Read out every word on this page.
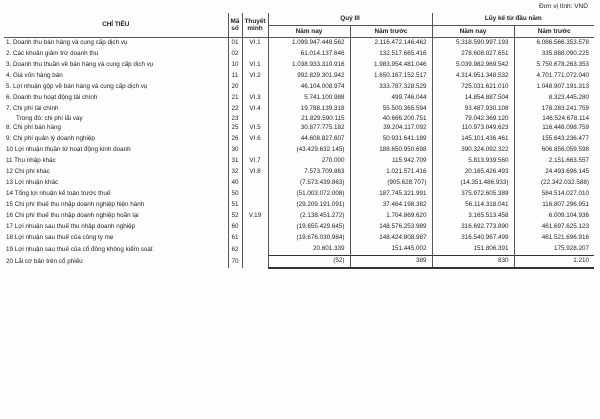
Đơn vị tính: VND
CHỈ TIÊU	Mã số	Thuyết minh	Quý III		Lũy kế từ đầu năm	
			Năm nay	Năm trước	Năm nay	Năm trước
1. Doanh thu bán hàng và cung cấp dịch vụ	01	VI.1	1.099.947.448.562	2.116.472.146.462	5.318.590.997.193	6.086.566.353.578
2. Các khoản giảm trừ doanh thu	02		61.014.137.646	132.517.665.416	278.608.027.651	335.888.090.225
3. Doanh thu thuần về bán hàng và cung cấp dịch vụ	10	VI.1	1.038.933.310.916	1.983.954.481.046	5.039.982.969.542	5.750.678.263.353
4. Giá vốn hàng bán	11	VI.2	992.829.301.942	1.650.167.152.517	4.314.951.348.532	4.701.771.072.040
5. Lợi nhuận gộp về bán hàng và cung cấp dịch vụ	20		46.104.008.974	333.787.328.529	725.031.621.010	1.048.907.191.313
6. Doanh thu hoạt động tài chính	21	VI.3	5.741.100.988	499.746.044	14.854.887.504	8.323.445.280
7. Chi phí tài chính	22	VI.4	19.788.139.318	55.500.365.594	93.487.930.108	178.283.241.759
Trong đó: chi phí lãi vay	23		21.829.590.115	40.666.200.751	79.042.369.120	146.524.678.114
8. Chi phí bán hàng	25	VI.5	30.877.775.182	39.204.117.092	110.973.049.623	116.448.098.759
9. Chi phí quản lý doanh nghiệp	26	VI.6	44.608.827.607	50.931.641.189	145.101.436.461	155.643.236.477
10 Lợi nhuận thuần từ hoạt động kinh doanh	30		(43.429.632.145)	188.650.950.698	390.324.092.322	606.856.059.598
11 Thu nhập khác	31	VI.7	270.000	115.942.709	5.813.939.560	2.151.663.557
12 Chi phí khác	32	VI.8	7.573.709.863	1.021.571.416	20.165.426.493	24.493.696.145
13 Lợi nhuận khác	40		(7.573.439.863)	(905.628.707)	(14.351.486.933)	(22.342.032.588)
14 Tổng lợi nhuận kế toán trước thuế	50		(51.003.072.008)	187.745.321.991	375.972.605.389	584.514.027.010
15 Chi phí thuế thu nhập doanh nghiệp hiện hành	51		(29.209.191.091)	37.464.198.382	56.114.318.041	116.807.296.951
16 Chi phí thuế thu nhập doanh nghiệp hoãn lại	52	V.19	(2.138.451.272)	1.704.869.620	3.165.513.458	6.009.104.936
17 Lợi nhuận sau thuế thu nhập doanh nghiệp	60		(19.655.429.645)	148.576.253.989	316.692.773.890	461.697.625.123
18 Lợi nhuận sau thuế của công ty mẹ	61		(19.676.030.984)	148.424.808.987	316.540.967.499	461.521.696.916
19 Lợi nhuận sau thuế của cổ đông không kiểm soát	62		20.601.339	151.445.002	151.806.391	175.928.207
20 Lãi cơ bản trên cổ phiếu	70		(52)	389	830	1.210
